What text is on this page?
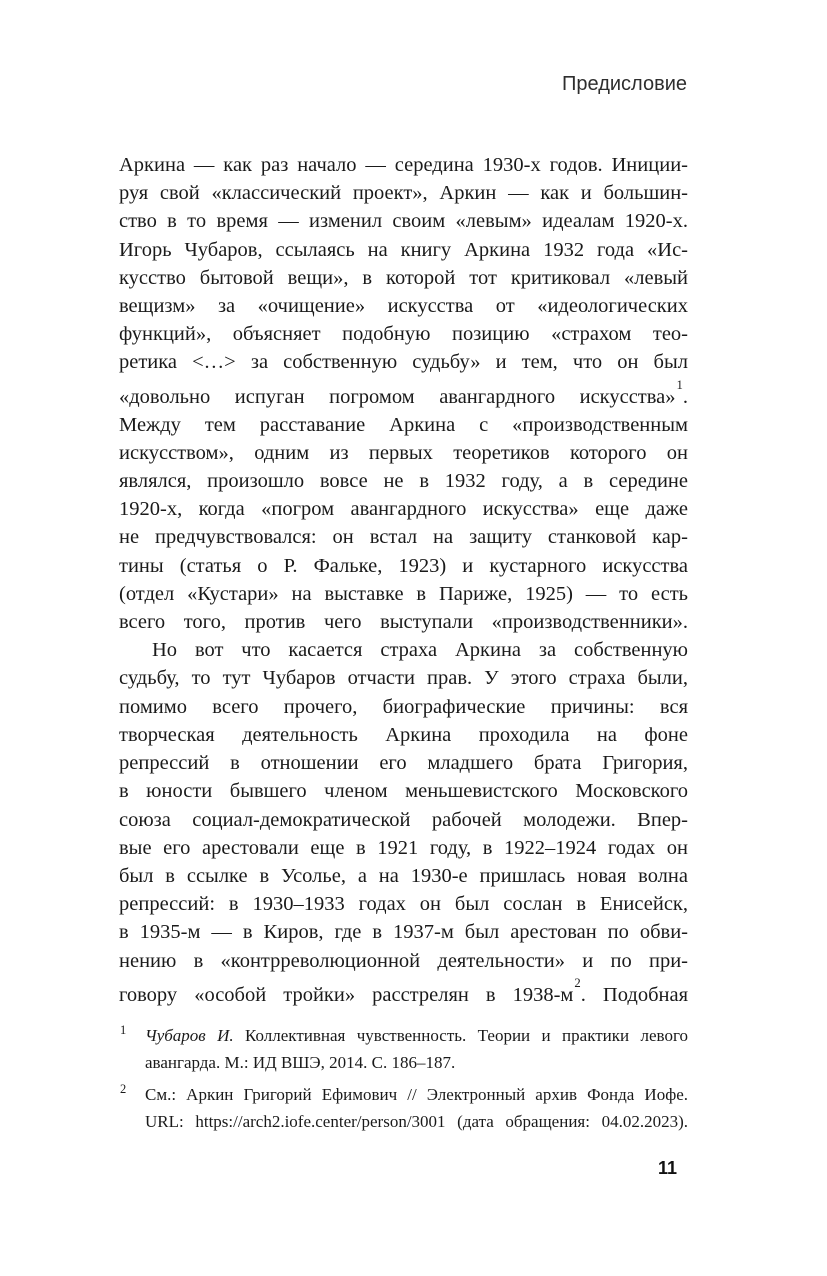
Предисловие
Аркина — как раз начало — середина 1930-х годов. Иниции-
руя свой «классический проект», Аркин — как и большин-
ство в то время — изменил своим «левым» идеалам 1920-х.
Игорь Чубаров, ссылаясь на книгу Аркина 1932 года «Ис-
кусство бытовой вещи», в которой тот критиковал «левый
вещизм» за «очищение» искусства от «идеологических
функций», объясняет подобную позицию «страхом тео-
ретика <…> за собственную судьбу» и тем, что он был
«довольно испуган погромом авангардного искусства»$^1$.
Между тем расставание Аркина с «производственным
искусством», одним из первых теоретиков которого он
являлся, произошло вовсе не в 1932 году, а в середине
1920-х, когда «погром авангардного искусства» еще даже
не предчувствовался: он встал на защиту станковой кар-
тины (статья о Р. Фальке, 1923) и кустарного искусства
(отдел «Кустари» на выставке в Париже, 1925) — то есть
всего того, против чего выступали «производственники».
Но вот что касается страха Аркина за собственную
судьбу, то тут Чубаров отчасти прав. У этого страха были,
помимо всего прочего, биографические причины: вся
творческая деятельность Аркина проходила на фоне
репрессий в отношении его младшего брата Григория,
в юности бывшего членом меньшевистского Московского
союза социал-демократической рабочей молодежи. Впер-
вые его арестовали еще в 1921 году, в 1922–1924 годах он
был в ссылке в Усолье, а на 1930-е пришлась новая волна
репрессий: в 1930–1933 годах он был сослан в Енисейск,
в 1935-м — в Киров, где в 1937-м был арестован по обви-
нению в «контрреволюционной деятельности» и по при-
говору «особой тройки» расстрелян в 1938-м$^2$. Подобная
1 Чубаров И. Коллективная чувственность. Теории и практики левого
авангарда. М.: ИД ВШЭ, 2014. С. 186–187.
2 См.: Аркин Григорий Ефимович // Электронный архив Фонда Иофе.
URL: https://arch2.iofe.center/person/3001 (дата обращения: 04.02.2023).
11
